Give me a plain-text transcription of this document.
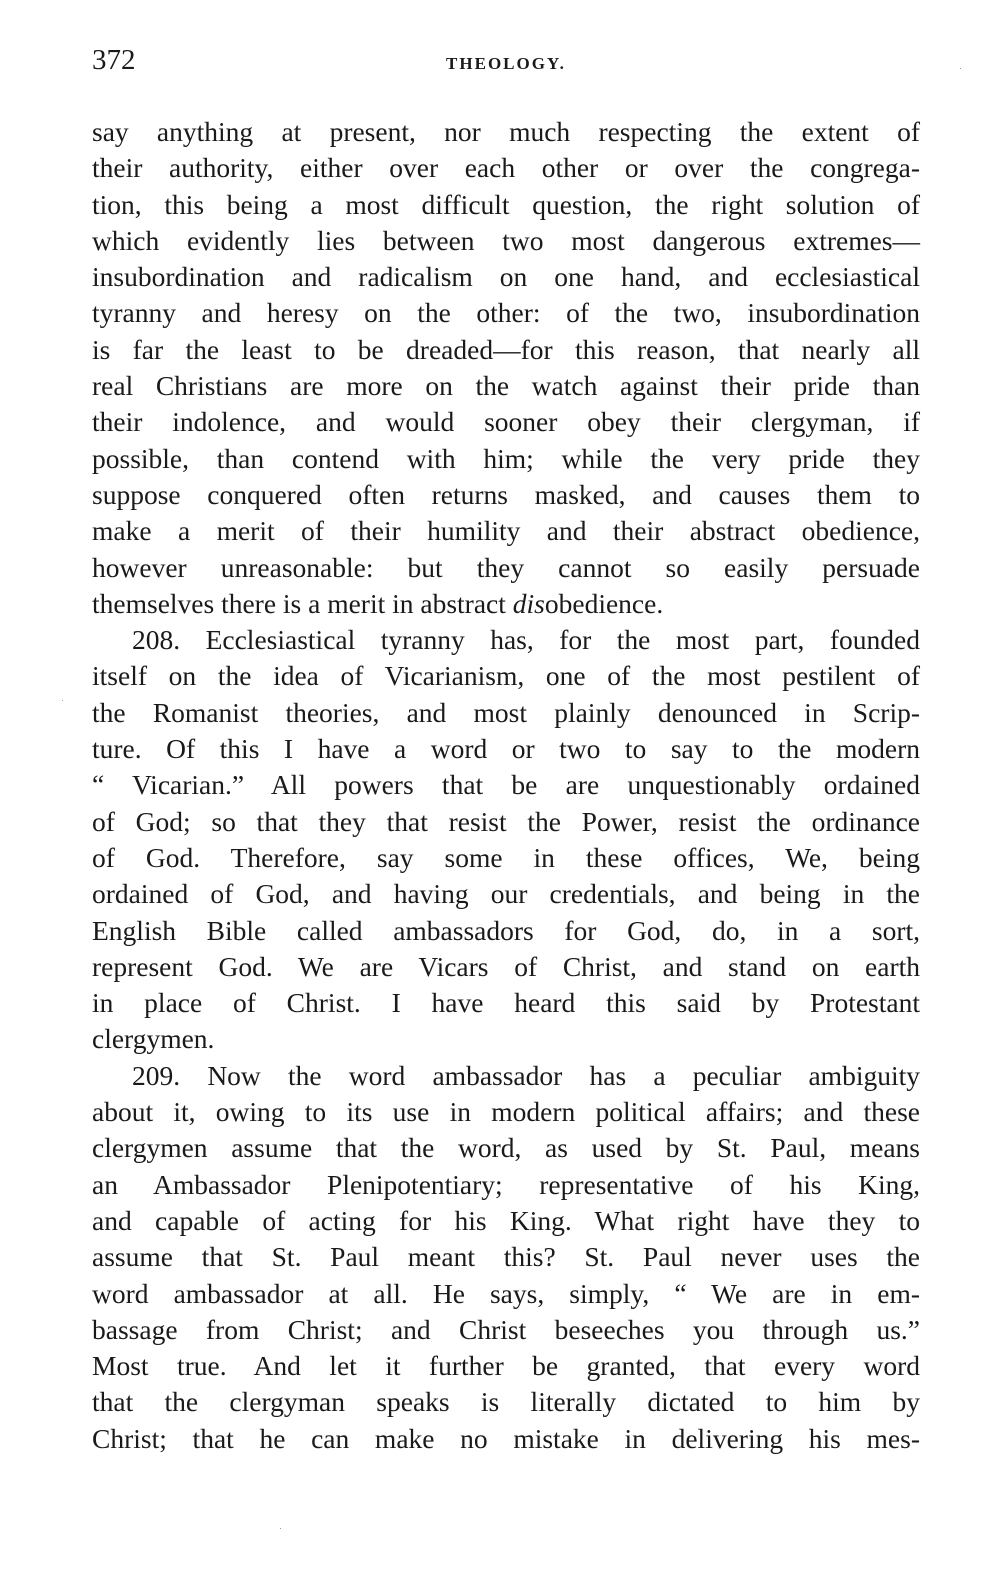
372	THEOLOGY.
say anything at present, nor much respecting the extent of
their authority, either over each other or over the congrega-
tion, this being a most difficult question, the right solution of
which evidently lies between two most dangerous extremes—
insubordination and radicalism on one hand, and ecclesiastical
tyranny and heresy on the other: of the two, insubordination
is far the least to be dreaded—for this reason, that nearly all
real Christians are more on the watch against their pride than
their indolence, and would sooner obey their clergyman, if
possible, than contend with him; while the very pride they
suppose conquered often returns masked, and causes them to
make a merit of their humility and their abstract obedience,
however unreasonable: but they cannot so easily persuade
themselves there is a merit in abstract disobedience.
208. Ecclesiastical tyranny has, for the most part, founded
itself on the idea of Vicarianism, one of the most pestilent of
the Romanist theories, and most plainly denounced in Scrip-
ture. Of this I have a word or two to say to the modern
“ Vicarian.” All powers that be are unquestionably ordained
of God; so that they that resist the Power, resist the ordinance
of God. Therefore, say some in these offices, We, being
ordained of God, and having our credentials, and being in the
English Bible called ambassadors for God, do, in a sort,
represent God. We are Vicars of Christ, and stand on earth
in place of Christ. I have heard this said by Protestant
clergymen.
209. Now the word ambassador has a peculiar ambiguity
about it, owing to its use in modern political affairs; and these
clergymen assume that the word, as used by St. Paul, means
an Ambassador Plenipotentiary; representative of his King,
and capable of acting for his King. What right have they to
assume that St. Paul meant this? St. Paul never uses the
word ambassador at all. He says, simply, “ We are in em-
bassage from Christ; and Christ beseeches you through us.”
Most true. And let it further be granted, that every word
that the clergyman speaks is literally dictated to him by
Christ; that he can make no mistake in delivering his mes-
